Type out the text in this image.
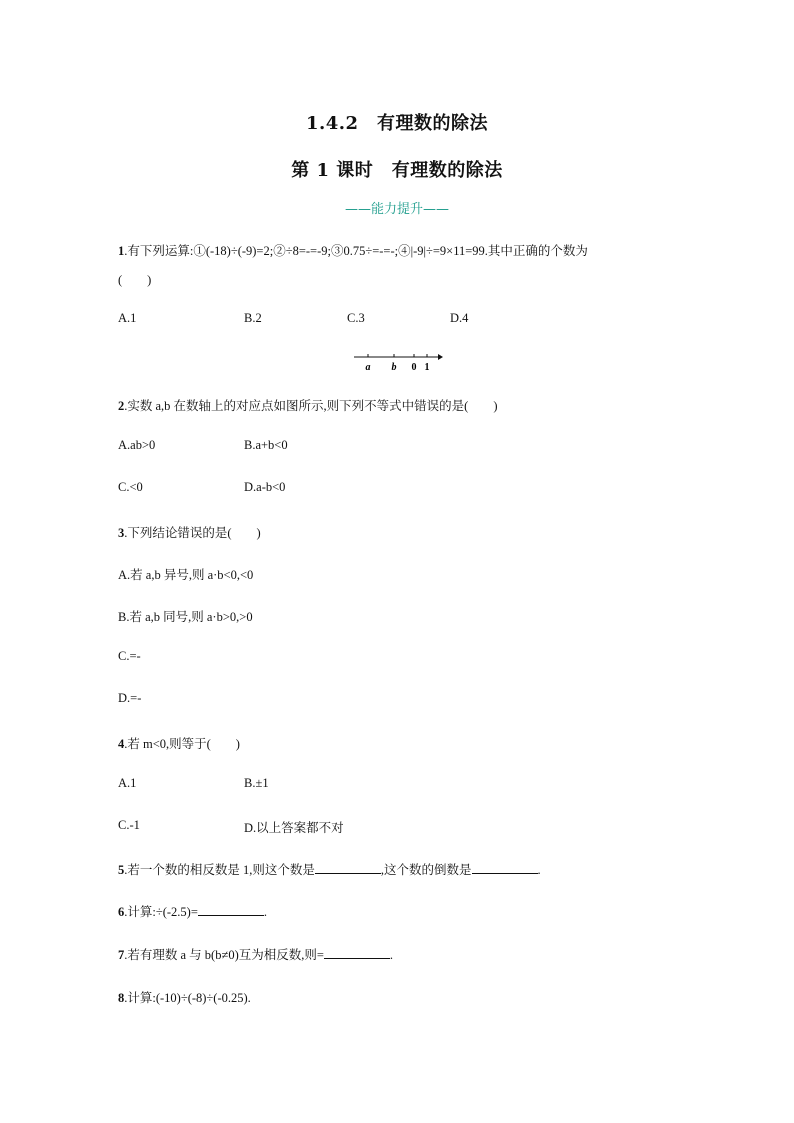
1.4.2　有理数的除法
第 1 课时　有理数的除法
——能力提升——
1.有下列运算:①(-18)÷(-9)=2;②÷8=-=-9;③0.75÷=-=-;④|-9|÷=9×11=99.其中正确的个数为
(　　)
A.1	B.2	C.3	D.4
a b 0 1
2.实数 a,b 在数轴上的对应点如图所示,则下列不等式中错误的是(　　)
A.ab>0	B.a+b<0
C.<0	D.a-b<0
3.下列结论错误的是(　　)
A.若 a,b 异号,则 a·b<0,<0
B.若 a,b 同号,则 a·b>0,>0
C.=-
D.=-
4.若 m<0,则等于(　　)
A.1	B.±1
C.-1	D.以上答案都不对
5.若一个数的相反数是 1,则这个数是	,这个数的倒数是	.
6.计算:÷(-2.5)=	.
7.若有理数 a 与 b(b≠0)互为相反数,则=	.
8.计算:(-10)÷(-8)÷(-0.25).
